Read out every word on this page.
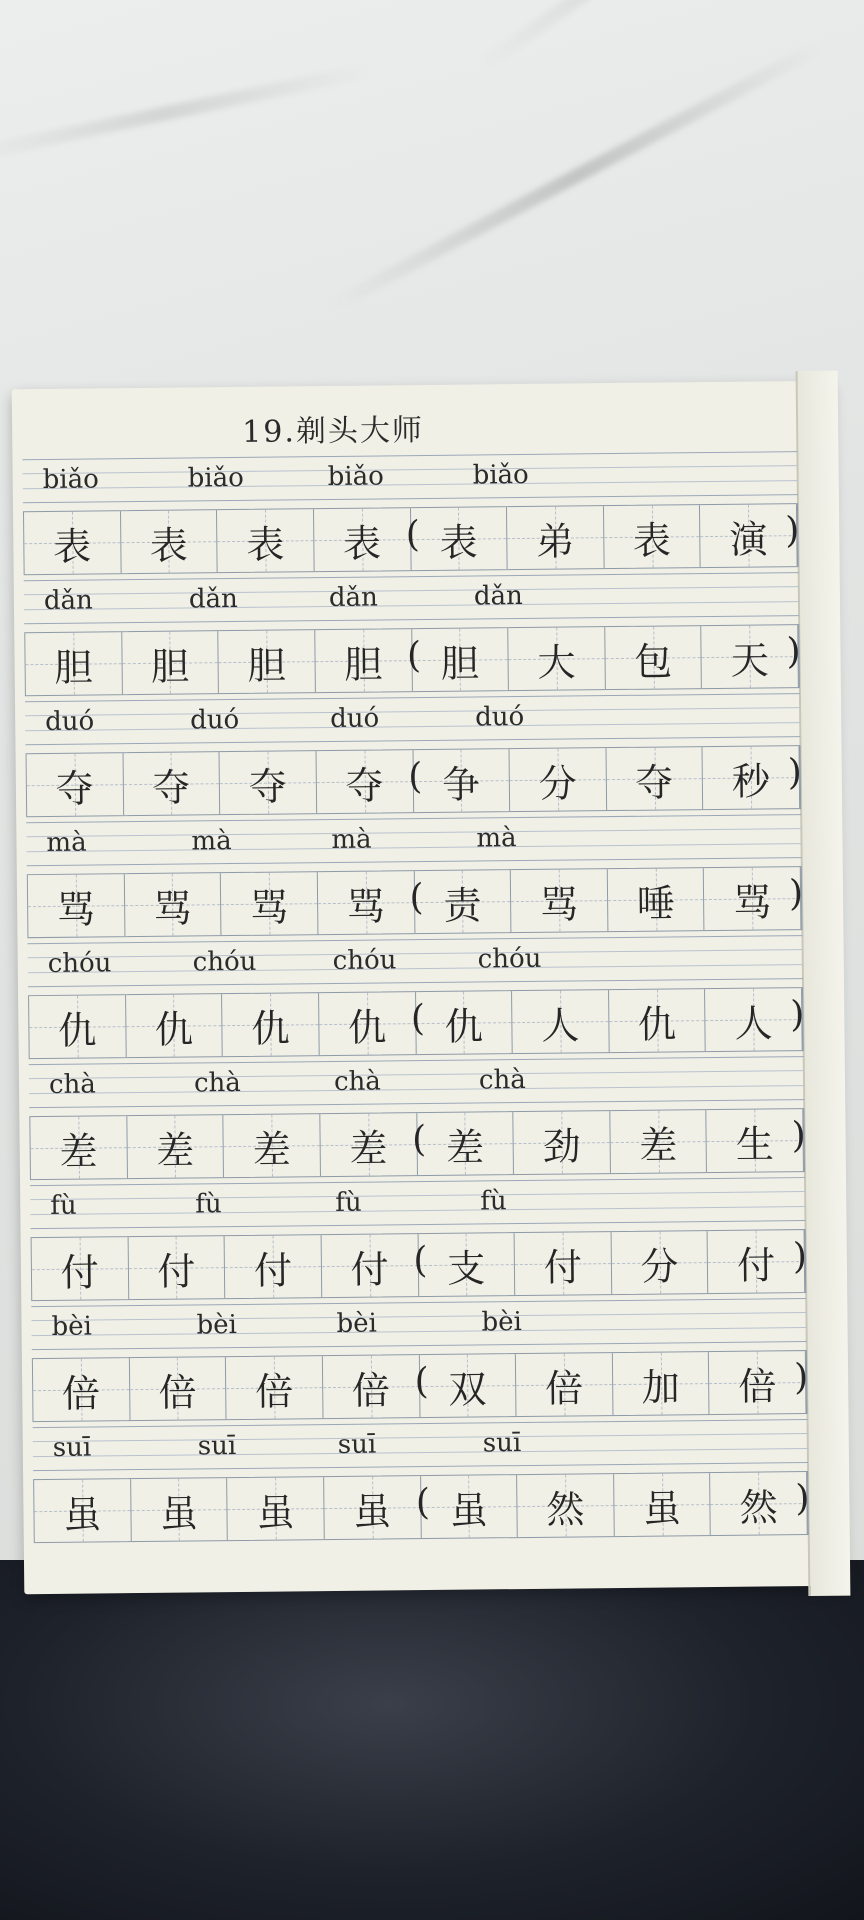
19.剃头大师
biǎo	biǎo	biǎo	biǎo
表 表 表 表 表 弟 表 演
(	)
dǎn	dǎn	dǎn	dǎn
胆 胆 胆 胆 胆 大 包 天
(	)
duó	duó	duó	duó
夺 夺 夺 夺 争 分 夺 秒
(	)
mà	mà	mà	mà
骂 骂 骂 骂 责 骂 唾 骂
(	)
chóu	chóu	chóu	chóu
仇 仇 仇 仇 仇 人 仇 人
(	)
chà	chà	chà	chà
差 差 差 差 差 劲 差 生
(	)
fù	fù	fù	fù
付 付 付 付 支 付 分 付
(	)
bèi	bèi	bèi	bèi
倍 倍 倍 倍 双 倍 加 倍
(	)
suī	suī	suī	suī
虽 虽 虽 虽 虽 然 虽 然
(	)
